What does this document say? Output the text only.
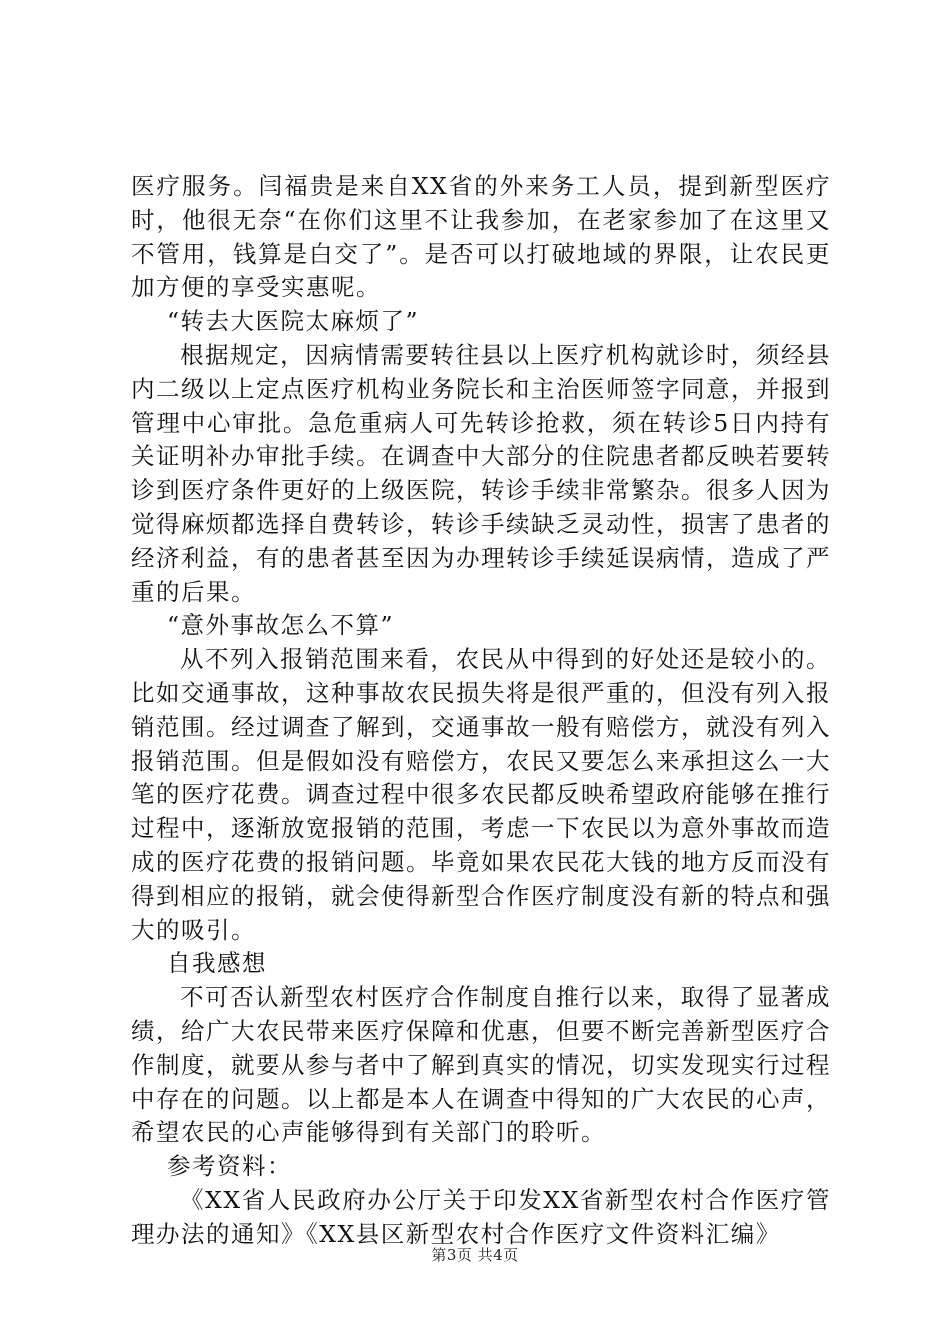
医疗服务。闫福贵是来自XX省的外来务工人员，提到新型医疗时，他很无奈“在你们这里不让我参加，在老家参加了在这里又不管用，钱算是白交了”。是否可以打破地域的界限，让农民更加方便的享受实惠呢。

“转去大医院太麻烦了”

根据规定，因病情需要转往县以上医疗机构就诊时，须经县内二级以上定点医疗机构业务院长和主治医师签字同意，并报到管理中心审批。急危重病人可先转诊抢救，须在转诊5日内持有关证明补办审批手续。在调查中大部分的住院患者都反映若要转诊到医疗条件更好的上级医院，转诊手续非常繁杂。很多人因为觉得麻烦都选择自费转诊，转诊手续缺乏灵动性，损害了患者的经济利益，有的患者甚至因为办理转诊手续延误病情，造成了严重的后果。

“意外事故怎么不算”

从不列入报销范围来看，农民从中得到的好处还是较小的。比如交通事故，这种事故农民损失将是很严重的，但没有列入报销范围。经过调查了解到，交通事故一般有赔偿方，就没有列入报销范围。但是假如没有赔偿方，农民又要怎么来承担这么一大笔的医疗花费。调查过程中很多农民都反映希望政府能够在推行过程中，逐渐放宽报销的范围，考虑一下农民以为意外事故而造成的医疗花费的报销问题。毕竟如果农民花大钱的地方反而没有得到相应的报销，就会使得新型合作医疗制度没有新的特点和强大的吸引。

自我感想

不可否认新型农村医疗合作制度自推行以来，取得了显著成绩，给广大农民带来医疗保障和优惠，但要不断完善新型医疗合作制度，就要从参与者中了解到真实的情况，切实发现实行过程中存在的问题。以上都是本人在调查中得知的广大农民的心声，希望农民的心声能够得到有关部门的聆听。

参考资料：

《XX省人民政府办公厅关于印发XX省新型农村合作医疗管理办法的通知》《XX县区新型农村合作医疗文件资料汇编》

第3页 共4页
